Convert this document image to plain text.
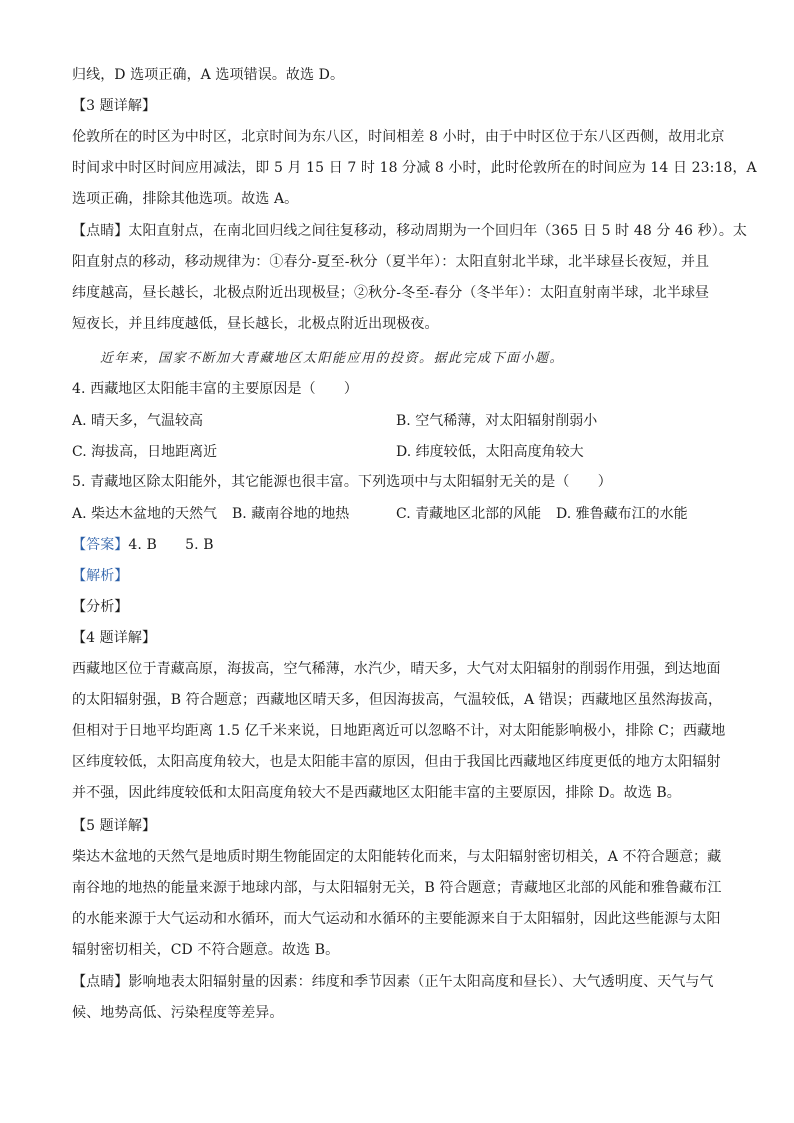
归线，D 选项正确，A 选项错误。故选 D。

【3 题详解】

伦敦所在的时区为中时区，北京时间为东八区，时间相差 8 小时，由于中时区位于东八区西侧，故用北京
时间求中时区时间应用减法，即 5 月 15 日 7 时 18 分减 8 小时，此时伦敦所在的时间应为 14 日 23:18，A
选项正确，排除其他选项。故选 A。

【点睛】太阳直射点，在南北回归线之间往复移动，移动周期为一个回归年（365 日 5 时 48 分 46 秒）。太
阳直射点的移动，移动规律为：①春分-夏至-秋分（夏半年）：太阳直射北半球，北半球昼长夜短，并且
纬度越高，昼长越长，北极点附近出现极昼；②秋分-冬至-春分（冬半年）：太阳直射南半球，北半球昼
短夜长，并且纬度越低，昼长越长，北极点附近出现极夜。

近年来，国家不断加大青藏地区太阳能应用的投资。据此完成下面小题。

4. 西藏地区太阳能丰富的主要原因是（　　）

A. 晴天多，气温较高	B. 空气稀薄，对太阳辐射削弱小
C. 海拔高，日地距离近	D. 纬度较低，太阳高度角较大

5. 青藏地区除太阳能外，其它能源也很丰富。下列选项中与太阳辐射无关的是（　　）

A. 柴达木盆地的天然气 B. 藏南谷地的地热	C. 青藏地区北部的风能 D. 雅鲁藏布江的水能

【答案】4. B　　5. B

【解析】

【分析】

【4 题详解】

西藏地区位于青藏高原，海拔高，空气稀薄，水汽少，晴天多，大气对太阳辐射的削弱作用强，到达地面
的太阳辐射强，B 符合题意；西藏地区晴天多，但因海拔高，气温较低，A 错误；西藏地区虽然海拔高，
但相对于日地平均距离 1.5 亿千米来说，日地距离近可以忽略不计，对太阳能影响极小，排除 C；西藏地
区纬度较低，太阳高度角较大，也是太阳能丰富的原因，但由于我国比西藏地区纬度更低的地方太阳辐射
并不强，因此纬度较低和太阳高度角较大不是西藏地区太阳能丰富的主要原因，排除 D。故选 B。

【5 题详解】

柴达木盆地的天然气是地质时期生物能固定的太阳能转化而来，与太阳辐射密切相关，A 不符合题意；藏
南谷地的地热的能量来源于地球内部，与太阳辐射无关，B 符合题意；青藏地区北部的风能和雅鲁藏布江
的水能来源于大气运动和水循环，而大气运动和水循环的主要能源来自于太阳辐射，因此这些能源与太阳
辐射密切相关，CD 不符合题意。故选 B。

【点睛】影响地表太阳辐射量的因素：纬度和季节因素（正午太阳高度和昼长）、大气透明度、天气与气
候、地势高低、污染程度等差异。
